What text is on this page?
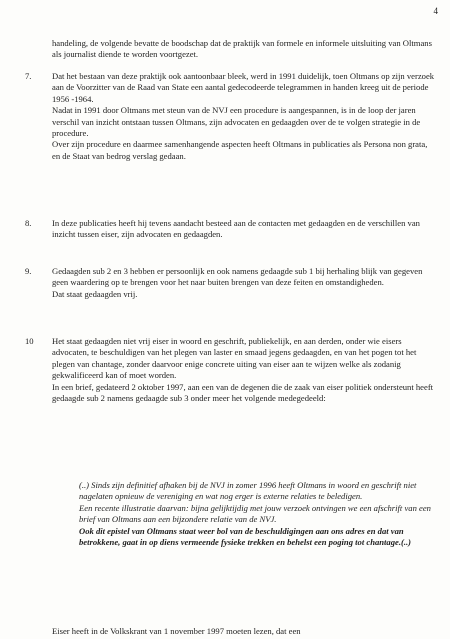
4
handeling, de volgende bevatte de boodschap dat de praktijk van formele en informele uitsluiting van Oltmans als journalist diende te worden voortgezet.
7. Dat het bestaan van deze praktijk ook aantoonbaar bleek, werd in 1991 duidelijk, toen Oltmans op zijn verzoek aan de Voorzitter van de Raad van State een aantal gedecodeerde telegrammen in handen kreeg uit de periode 1956 -1964.

Nadat in 1991 door Oltmans met steun van de NVJ een procedure is aangespannen, is in de loop der jaren verschil van inzicht ontstaan tussen Oltmans, zijn advocaten en gedaagden over de te volgen strategie in de procedure.

Over zijn procedure en daarmee samenhangende aspecten heeft Oltmans in publicaties als Persona non grata, en de Staat van bedrog verslag gedaan.

8. In deze publicaties heeft hij tevens aandacht besteed aan de contacten met gedaagden en de verschillen van inzicht tussen eiser, zijn advocaten en gedaagden.

9. Gedaagden sub 2 en 3 hebben er persoonlijk en ook namens gedaagde sub 1 bij herhaling blijk van gegeven geen waardering op te brengen voor het naar buiten brengen van deze feiten en omstandigheden.

Dat staat gedaagden vrij.

10 Het staat gedaagden niet vrij eiser in woord en geschrift, publiekelijk, en aan derden, onder wie eisers advocaten, te beschuldigen van het plegen van laster en smaad jegens gedaagden, en van het pogen tot het plegen van chantage, zonder daarvoor enige concrete uiting van eiser aan te wijzen welke als zodanig gekwalificeerd kan of moet worden.

In een brief, gedateerd 2 oktober 1997, aan een van de degenen die de zaak van eiser politiek ondersteunt heeft gedaagde sub 2 namens gedaagde sub 3 onder meer het volgende medegedeeld:

(..) Sinds zijn definitief afhaken bij de NVJ in zomer 1996 heeft Oltmans in woord en geschrift niet nagelaten opnieuw de vereniging en wat nog erger is externe relaties te beledigen.

Een recente illustratie daarvan: bijna gelijktijdig met jouw verzoek ontvingen we een afschrift van een brief van Oltmans aan een bijzondere relatie van de NVJ.

Ook dit epistel van Oltmans staat weer bol van de beschuldigingen aan ons adres en dat van betrokkene, gaat in op diens vermeende fysieke trekken en behelst een poging tot chantage.(..)

Eiser heeft in de Volkskrant van 1 november 1997 moeten lezen, dat een
